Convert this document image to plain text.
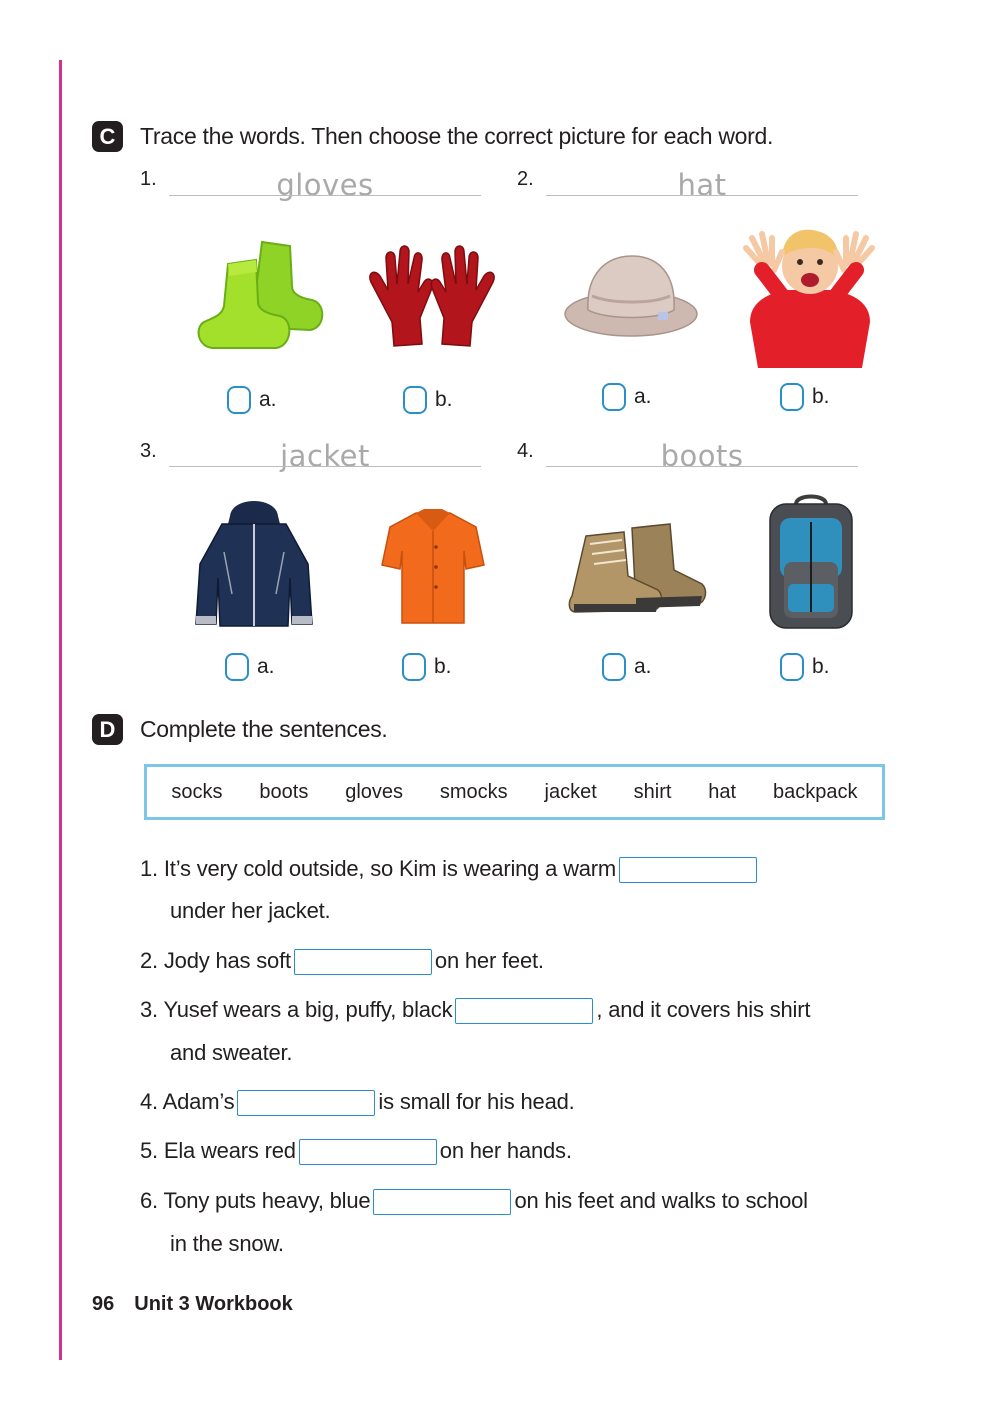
C	Trace the words. Then choose the correct picture for each word.
1.	gloves
a.	b.
2.	hat
a.	b.
3.	jacket
a.	b.
4.	boots
a.	b.
D	Complete the sentences.
socks boots gloves smocks jacket shirt hat backpack
1. It’s very cold outside, so Kim is wearing a warm
under her jacket.
2. Jody has soft	on her feet.
3. Yusef wears a big, puffy, black	, and it covers his shirt
and sweater.
4. Adam’s	is small for his head.
5. Ela wears red	on her hands.
6. Tony puts heavy, blue	on his feet and walks to school
in the snow.
96 Unit 3 Workbook
